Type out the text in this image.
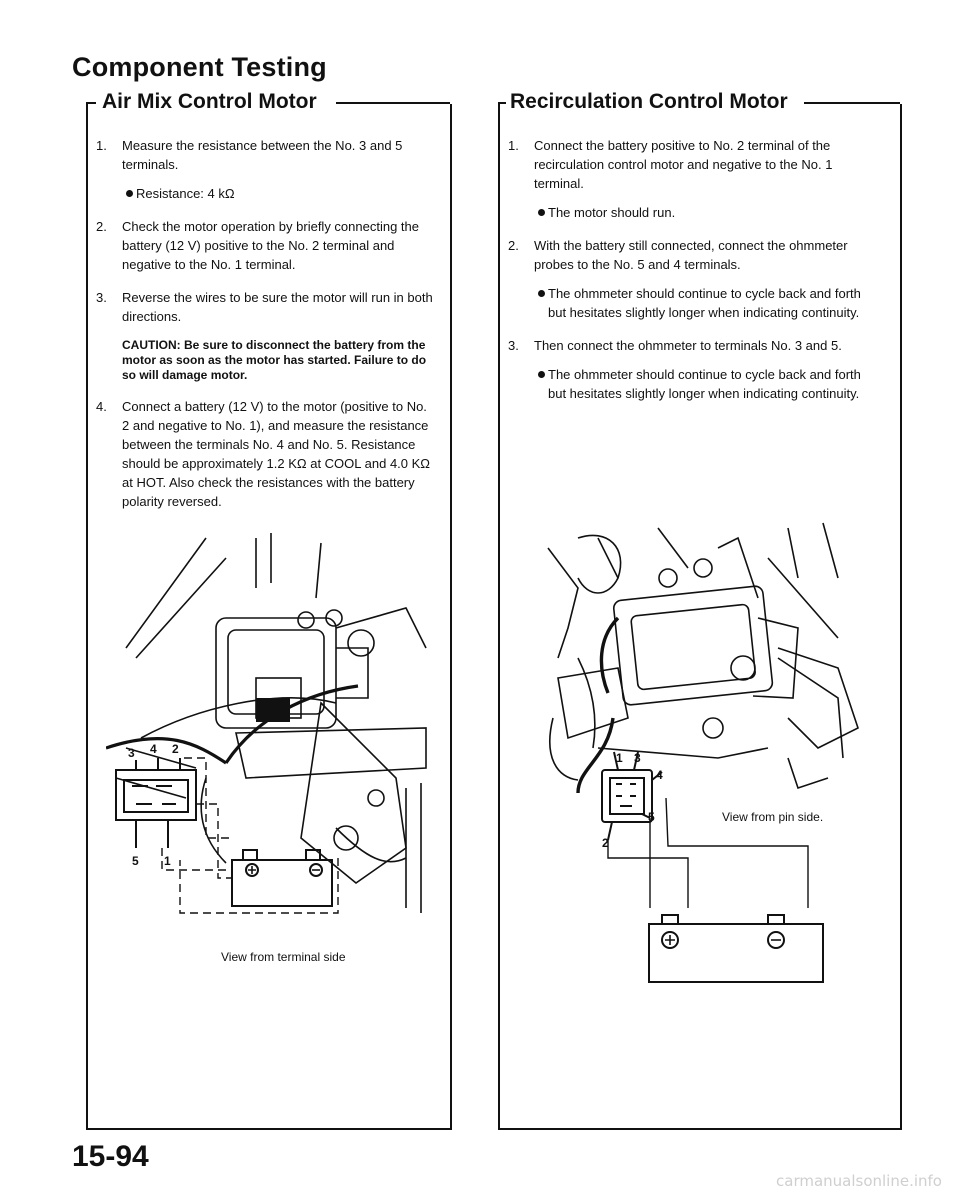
Component Testing
Air Mix Control Motor
1. Measure the resistance between the No. 3 and 5 terminals.
Resistance: 4 kΩ
2. Check the motor operation by briefly connecting the battery (12 V) positive to the No. 2 terminal and negative to the No. 1 terminal.
3. Reverse the wires to be sure the motor will run in both directions.
CAUTION: Be sure to disconnect the battery from the motor as soon as the motor has started. Failure to do so will damage motor.
4. Connect a battery (12 V) to the motor (positive to No. 2 and negative to No. 1), and measure the resistance between the terminals No. 4 and No. 5. Resistance should be approximately 1.2 KΩ at COOL and 4.0 KΩ at HOT. Also check the resistances with the battery polarity reversed.
3 4 2
5 1
View from terminal side
Recirculation Control Motor
1. Connect the battery positive to No. 2 terminal of the recirculation control motor and negative to the No. 1 terminal.
The motor should run.
2. With the battery still connected, connect the ohmmeter probes to the No. 5 and 4 terminals.
The ohmmeter should continue to cycle back and forth but hesitates slightly longer when indicating continuity.
3. Then connect the ohmmeter to terminals No. 3 and 5.
The ohmmeter should continue to cycle back and forth but hesitates slightly longer when indicating continuity.
1 3
4
5
2
View from pin side.
15-94
carmanualsonline.info
